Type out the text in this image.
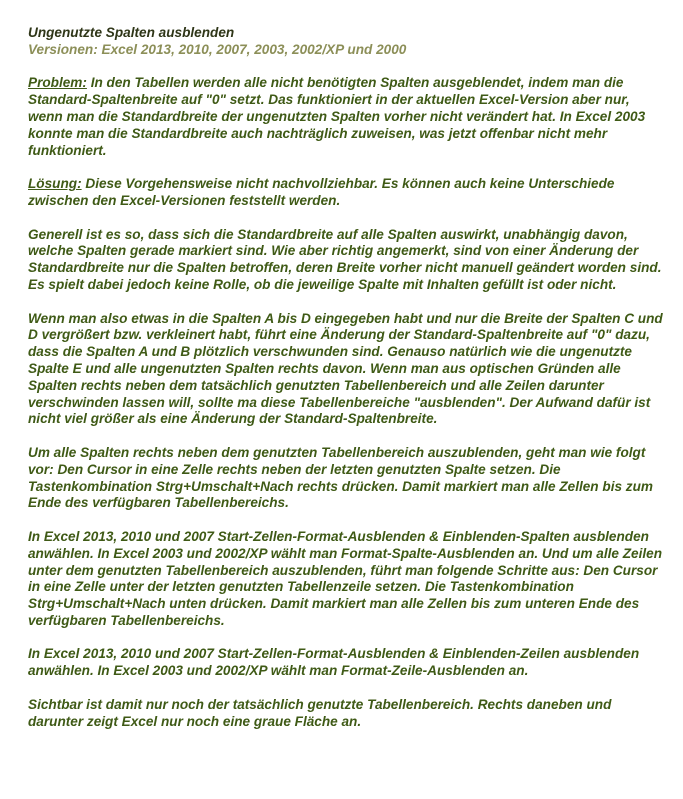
Ungenutzte Spalten ausblenden

Versionen: Excel 2013, 2010, 2007, 2003, 2002/XP und 2000

Problem: In den Tabellen werden alle nicht benötigten Spalten ausgeblendet, indem man die Standard-Spaltenbreite auf "0" setzt. Das funktioniert in der aktuellen Excel-Version aber nur, wenn man die Standardbreite der ungenutzten Spalten vorher nicht verändert hat. In Excel 2003 konnte man die Standardbreite auch nachträglich zuweisen, was jetzt offenbar nicht mehr funktioniert.

Lösung: Diese Vorgehensweise nicht nachvollziehbar. Es können auch keine Unterschiede zwischen den Excel-Versionen feststellt werden.

Generell ist es so, dass sich die Standardbreite auf alle Spalten auswirkt, unabhängig davon, welche Spalten gerade markiert sind. Wie aber richtig angemerkt, sind von einer Änderung der Standardbreite nur die Spalten betroffen, deren Breite vorher nicht manuell geändert worden sind. Es spielt dabei jedoch keine Rolle, ob die jeweilige Spalte mit Inhalten gefüllt ist oder nicht.

Wenn man also etwas in die Spalten A bis D eingegeben habt und nur die Breite der Spalten C und D vergrößert bzw. verkleinert habt, führt eine Änderung der Standard-Spaltenbreite auf "0" dazu, dass die Spalten A und B plötzlich verschwunden sind. Genauso natürlich wie die ungenutzte Spalte E und alle ungenutzten Spalten rechts davon. Wenn man aus optischen Gründen alle Spalten rechts neben dem tatsächlich genutzten Tabellenbereich und alle Zeilen darunter verschwinden lassen will, sollte ma diese Tabellenbereiche "ausblenden". Der Aufwand dafür ist nicht viel größer als eine Änderung der Standard-Spaltenbreite.

Um alle Spalten rechts neben dem genutzten Tabellenbereich auszublenden, geht man wie folgt vor: Den Cursor in eine Zelle rechts neben der letzten genutzten Spalte setzen. Die Tastenkombination Strg+Umschalt+Nach rechts drücken. Damit markiert man alle Zellen bis zum Ende des verfügbaren Tabellenbereichs.

In Excel 2013, 2010 und 2007 Start-Zellen-Format-Ausblenden & Einblenden-Spalten ausblenden anwählen. In Excel 2003 und 2002/XP wählt man Format-Spalte-Ausblenden an. Und um alle Zeilen unter dem genutzten Tabellenbereich auszublenden, führt man folgende Schritte aus: Den Cursor in eine Zelle unter der letzten genutzten Tabellenzeile setzen. Die Tastenkombination Strg+Umschalt+Nach unten drücken. Damit markiert man alle Zellen bis zum unteren Ende des verfügbaren Tabellenbereichs.

In Excel 2013, 2010 und 2007 Start-Zellen-Format-Ausblenden & Einblenden-Zeilen ausblenden anwählen. In Excel 2003 und 2002/XP wählt man Format-Zeile-Ausblenden an.

Sichtbar ist damit nur noch der tatsächlich genutzte Tabellenbereich. Rechts daneben und darunter zeigt Excel nur noch eine graue Fläche an.
